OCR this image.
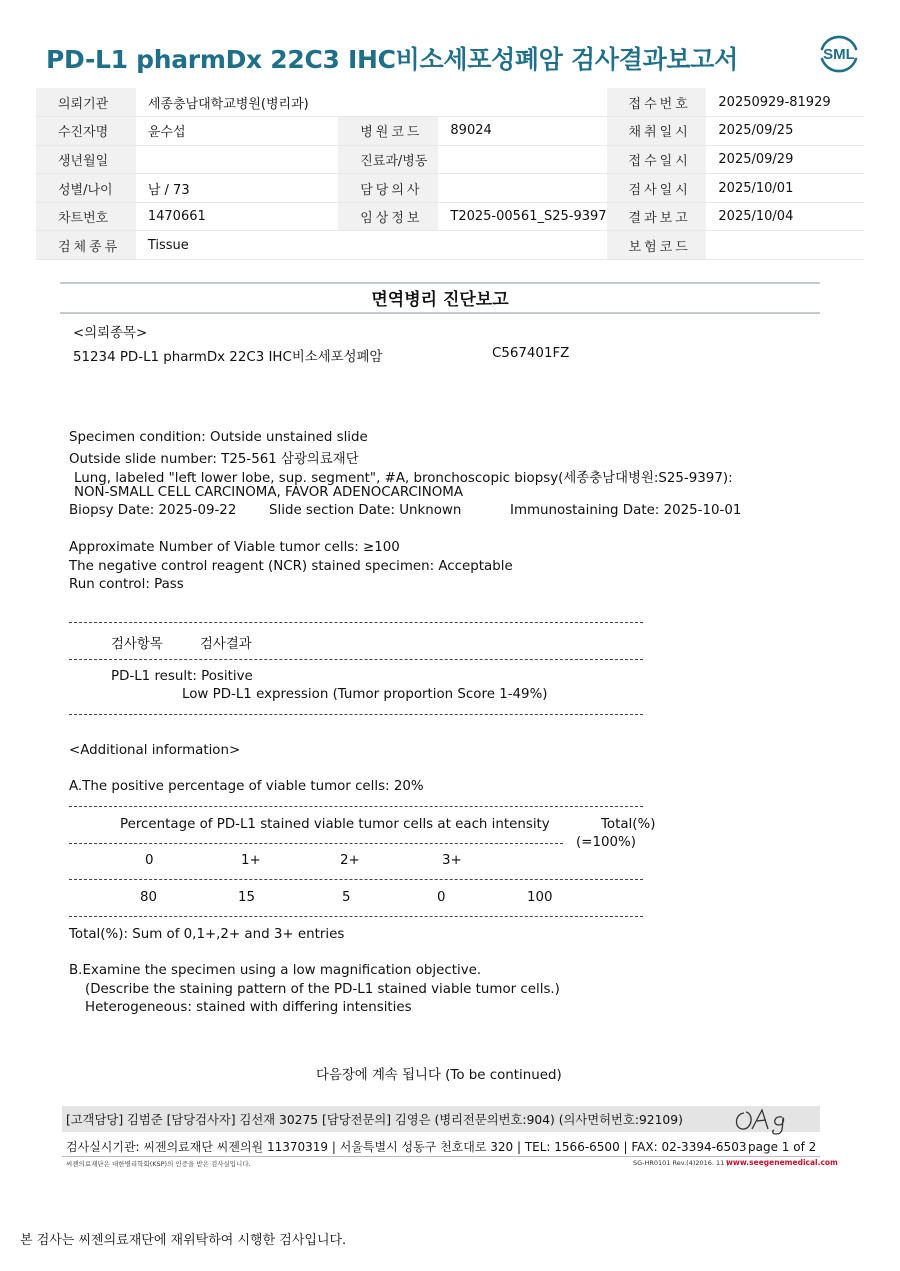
PD-L1 pharmDx 22C3 IHC비소세포성폐암 검사결과보고서	SML
의뢰기관	세종충남대학교병원(병리과)			접수번호	20250929-81929
수진자명	윤수섭	병원코드	89024	채취일시	2025/09/25
생년월일		진료과/병동		접수일시	2025/09/29
성별/나이	남 / 73	담당의사		검사일시	2025/10/01
차트번호	1470661	임상정보	T2025-00561_S25-9397	결과보고	2025/10/04
검체종류	Tissue			보험코드	
면역병리 진단보고
<의뢰종목>
51234 PD-L1 pharmDx 22C3 IHC비소세포성폐암	C567401FZ
Specimen condition: Outside unstained slide
Outside slide number: T25-561 삼광의료재단
Lung, labeled "left lower lobe, sup. segment", #A, bronchoscopic biopsy(세종충남대병원:S25-9397):
NON-SMALL CELL CARCINOMA, FAVOR ADENOCARCINOMA
Biopsy Date: 2025-09-22 Slide section Date: Unknown	Immunostaining Date: 2025-10-01
Approximate Number of Viable tumor cells: ≥100
The negative control reagent (NCR) stained specimen: Acceptable
Run control: Pass
검사항목	검사결과
PD-L1 result: Positive
Low PD-L1 expression (Tumor proportion Score 1-49%)
<Additional information>
A.The positive percentage of viable tumor cells: 20%
Percentage of PD-L1 stained viable tumor cells at each intensity	Total(%)
(=100%)
0	1+	2+	3+
80	15	5	0	100
Total(%): Sum of 0,1+,2+ and 3+ entries
B.Examine the specimen using a low magnification objective.
(Describe the staining pattern of the PD-L1 stained viable tumor cells.)
Heterogeneous: stained with differing intensities
다음장에 계속 됩니다 (To be continued)
[고객담당] 김범준 [담당검사자] 김선재 30275 [담당전문의] 김영은 (병리전문의번호:904) (의사면허번호:92109)
검사실시기관: 씨젠의료재단 씨젠의원 11370319 | 서울특별시 성동구 천호대로 320 | TEL: 1566-6500 | FAX: 02-3394-6503 page 1 of 2
씨젠의료재단은 대한병리학회(KSP)의 인증을 받은 검사실입니다.	SG-HR0101 Rev.(4)2016. 11 |
www.seegenemedical.com
본 검사는 씨젠의료재단에 재위탁하여 시행한 검사입니다.
